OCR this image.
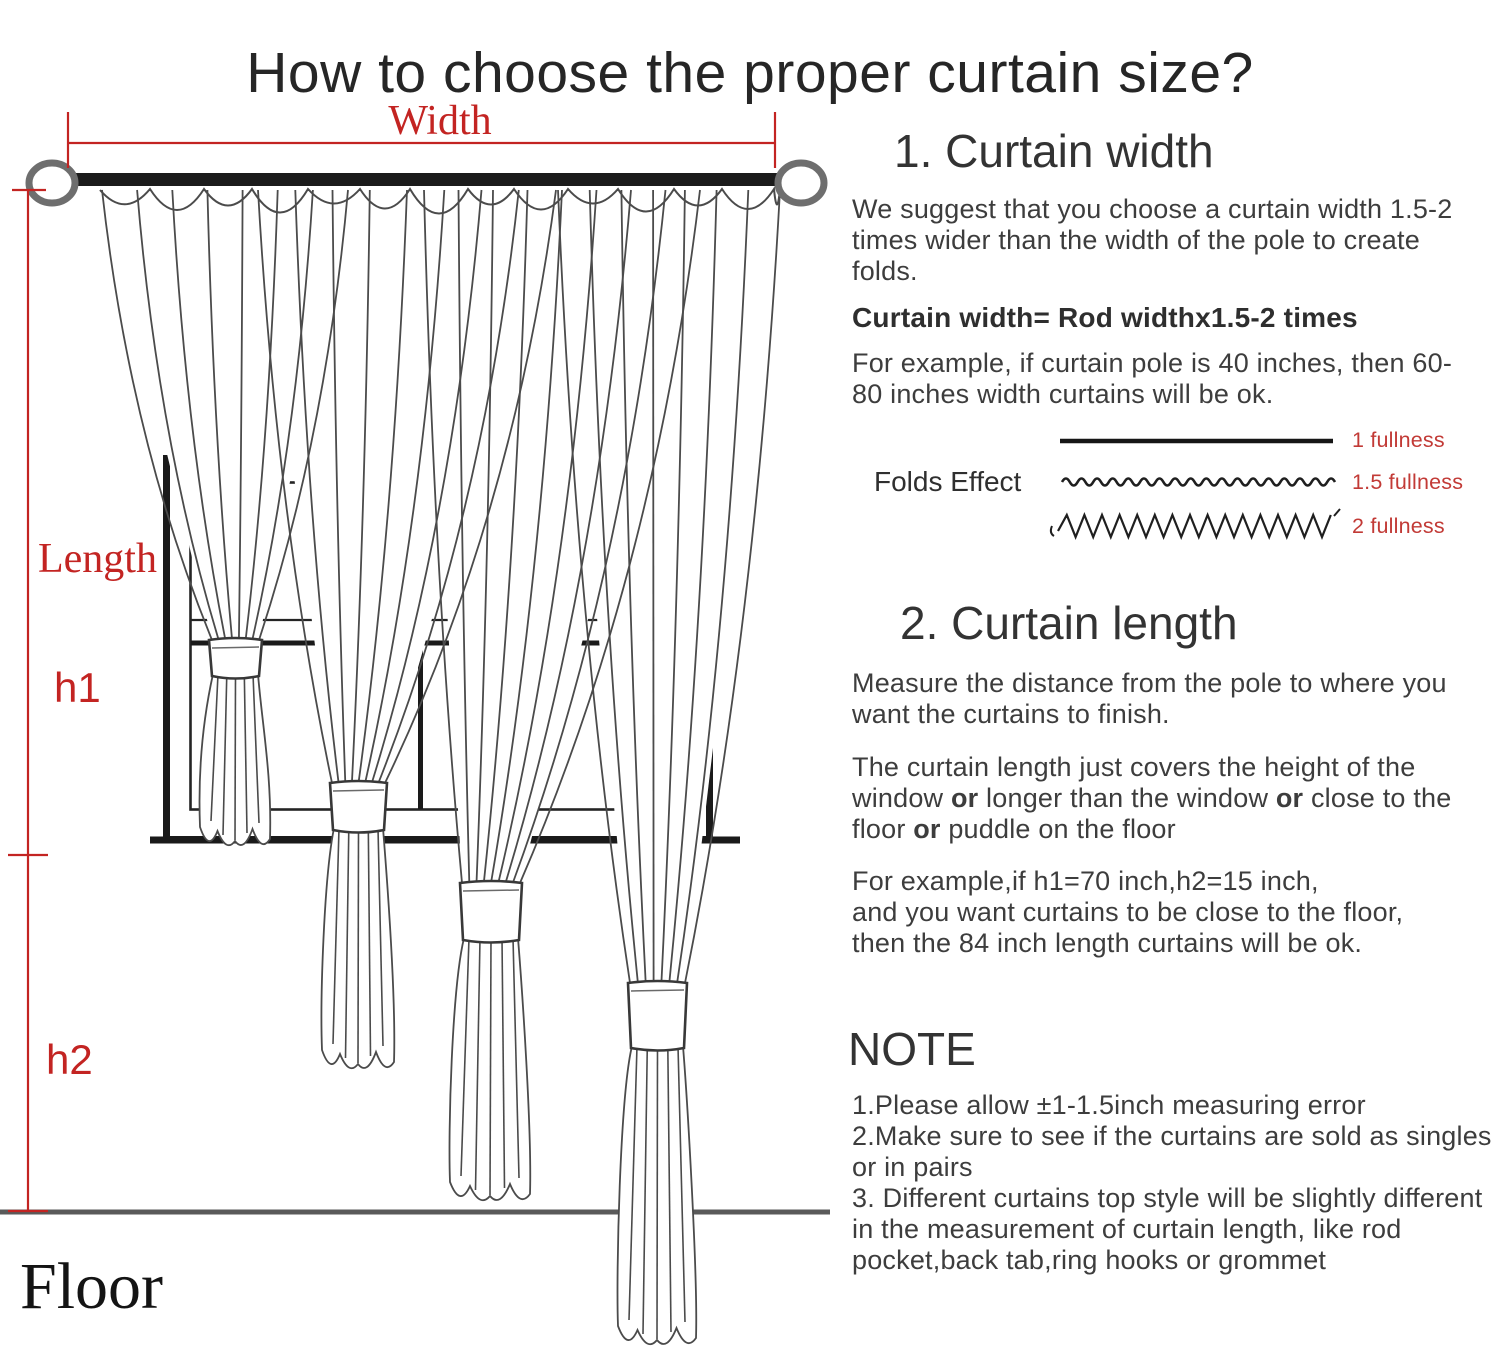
How to choose the proper curtain size?
Width
Length
h1
h2
Floor
1. Curtain width
We suggest that you choose a curtain width 1.5-2 times wider than the width of the pole to create folds.
Curtain width= Rod widthx1.5-2 times
For example, if curtain pole is 40 inches, then 60-80 inches width curtains will be ok.
Folds Effect
1 fullness
1.5 fullness
2 fullness
2. Curtain length
Measure the distance from the pole to where you want the curtains to finish.
The curtain length just covers the height of the window or longer than the window or close to the floor or puddle on the floor
For example,if h1=70 inch,h2=15 inch,
and you want curtains to be close to the floor,
then the 84 inch length curtains will be ok.
NOTE

1.Please allow ±1-1.5inch measuring error

2.Make sure to see if the curtains are sold as singles or in pairs

3. Different curtains top style will be slightly different in the measurement of curtain length, like rod pocket,back tab,ring hooks or grommet
